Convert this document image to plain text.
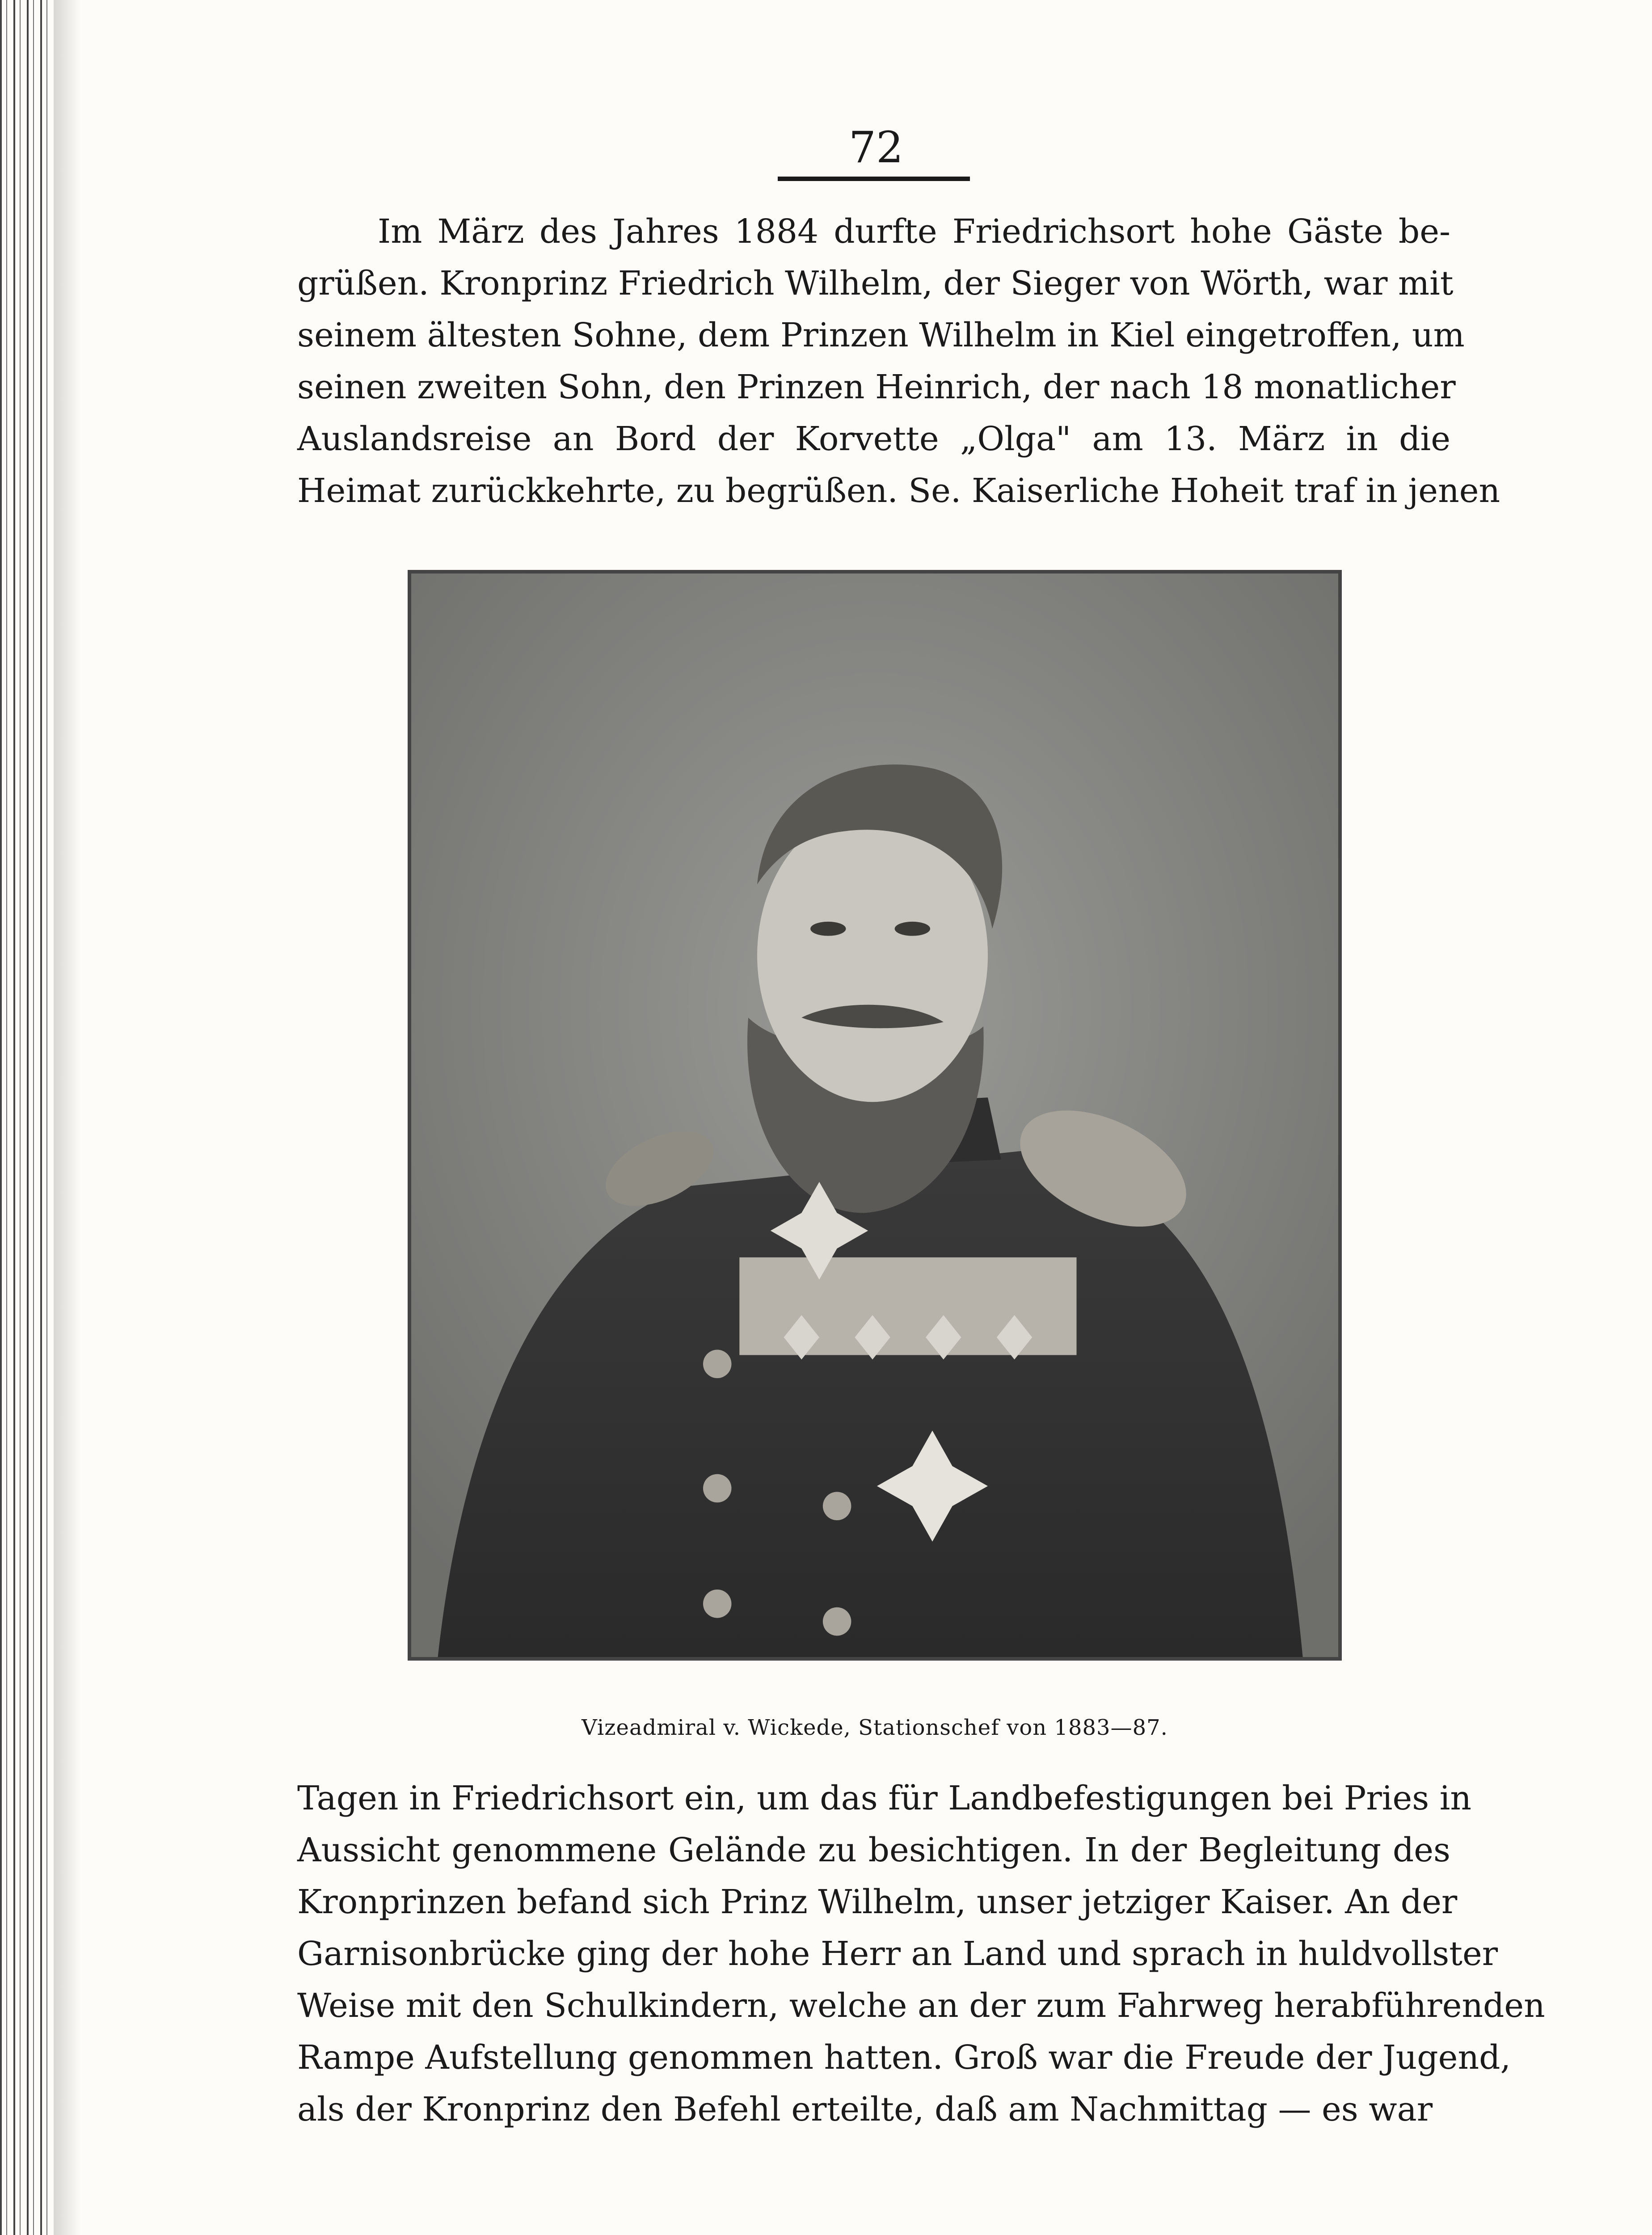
72
Im März des Jahres 1884 durfte Friedrichsort hohe Gäste be-
grüßen. Kronprinz Friedrich Wilhelm, der Sieger von Wörth, war mit
seinem ältesten Sohne, dem Prinzen Wilhelm in Kiel eingetroffen, um
seinen zweiten Sohn, den Prinzen Heinrich, der nach 18 monatlicher
Auslandsreise an Bord der Korvette „Olga" am 13. März in die
Heimat zurückkehrte, zu begrüßen. Se. Kaiserliche Hoheit traf in jenen
Vizeadmiral v. Wickede, Stationschef von 1883—87.
Tagen in Friedrichsort ein, um das für Landbefestigungen bei Pries in
Aussicht genommene Gelände zu besichtigen. In der Begleitung des
Kronprinzen befand sich Prinz Wilhelm, unser jetziger Kaiser. An der
Garnisonbrücke ging der hohe Herr an Land und sprach in huldvollster
Weise mit den Schulkindern, welche an der zum Fahrweg herabführenden
Rampe Aufstellung genommen hatten. Groß war die Freude der Jugend,
als der Kronprinz den Befehl erteilte, daß am Nachmittag — es war
